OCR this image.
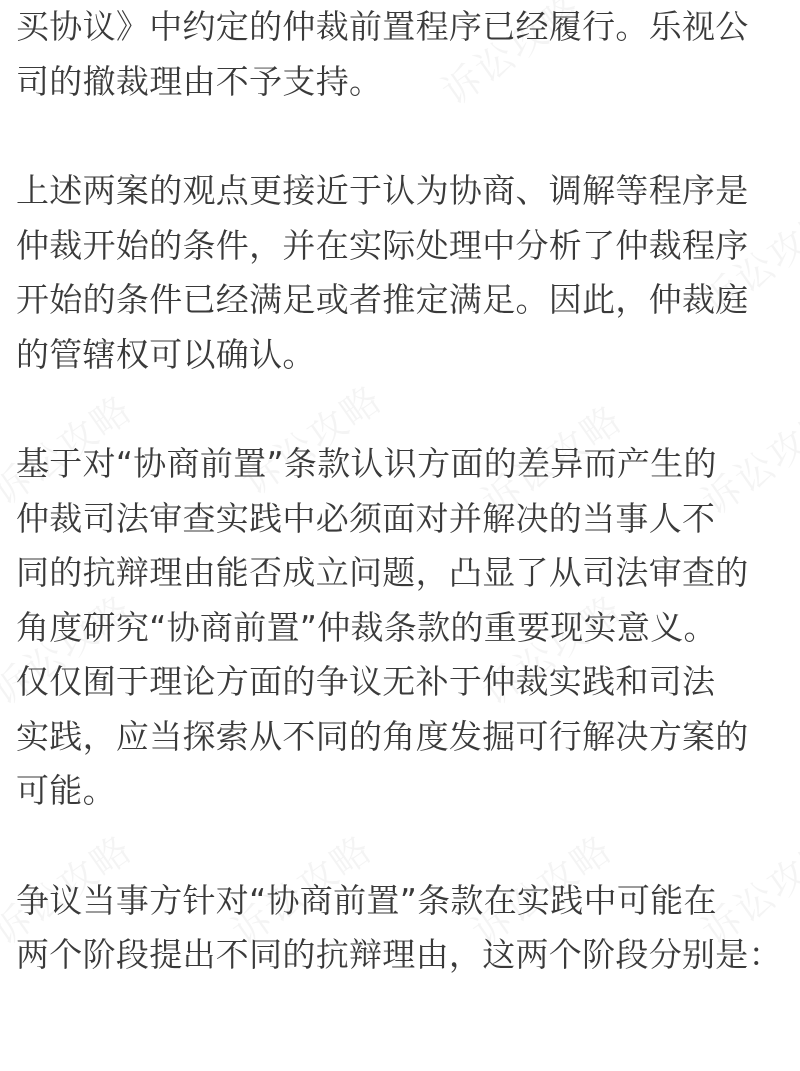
买协议》中约定的仲裁前置程序已经履行。乐视公
司的撤裁理由不予支持。
上述两案的观点更接近于认为协商、调解等程序是
仲裁开始的条件，并在实际处理中分析了仲裁程序
开始的条件已经满足或者推定满足。因此，仲裁庭
的管辖权可以确认。
基于对“协商前置”条款认识方面的差异而产生的
仲裁司法审查实践中必须面对并解决的当事人不
同的抗辩理由能否成立问题，凸显了从司法审查的
角度研究“协商前置”仲裁条款的重要现实意义。
仅仅囿于理论方面的争议无补于仲裁实践和司法
实践，应当探索从不同的角度发掘可行解决方案的
可能。
争议当事方针对“协商前置”条款在实践中可能在
两个阶段提出不同的抗辩理由，这两个阶段分别是：
